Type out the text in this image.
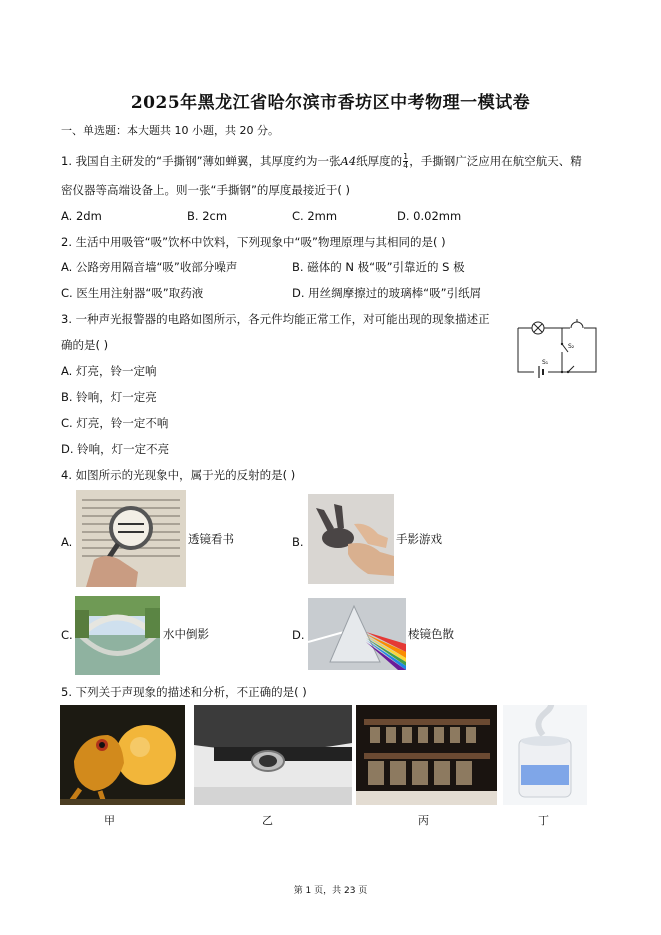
2025年黑龙江省哈尔滨市香坊区中考物理一模试卷
一、单选题：本大题共 10 小题，共 20 分。
1. 我国自主研发的“手撕钢”薄如蝉翼，其厚度约为一张A4纸厚度的 $\frac{1}{4}$ ，手撕钢广泛应用在航空航天、精
密仪器等高端设备上。则一张“手撕钢”的厚度最接近于( )
A. 2dm	B. 2cm	C. 2mm	D. 0.02mm
2. 生活中用吸管“吸”饮杯中饮料，下列现象中“吸”物理原理与其相同的是( )
A. 公路旁用隔音墙“吸”收部分噪声	B. 磁体的 N 极“吸”引靠近的 S 极
C. 医生用注射器“吸”取药液	D. 用丝绸摩擦过的玻璃棒“吸”引纸屑
3. 一种声光报警器的电路如图所示，各元件均能正常工作，对可能出现的现象描述正
确的是( )
A. 灯亮，铃一定响
B. 铃响，灯一定亮
C. 灯亮，铃一定不响
D. 铃响，灯一定不亮
S₂
S₁
4. 如图所示的光现象中，属于光的反射的是( )
A.	透镜看书	B.	手影游戏
C.	水中倒影	D.	棱镜色散
5. 下列关于声现象的描述和分析，不正确的是( )
甲	乙	丙	丁
第 1 页，共 23 页
